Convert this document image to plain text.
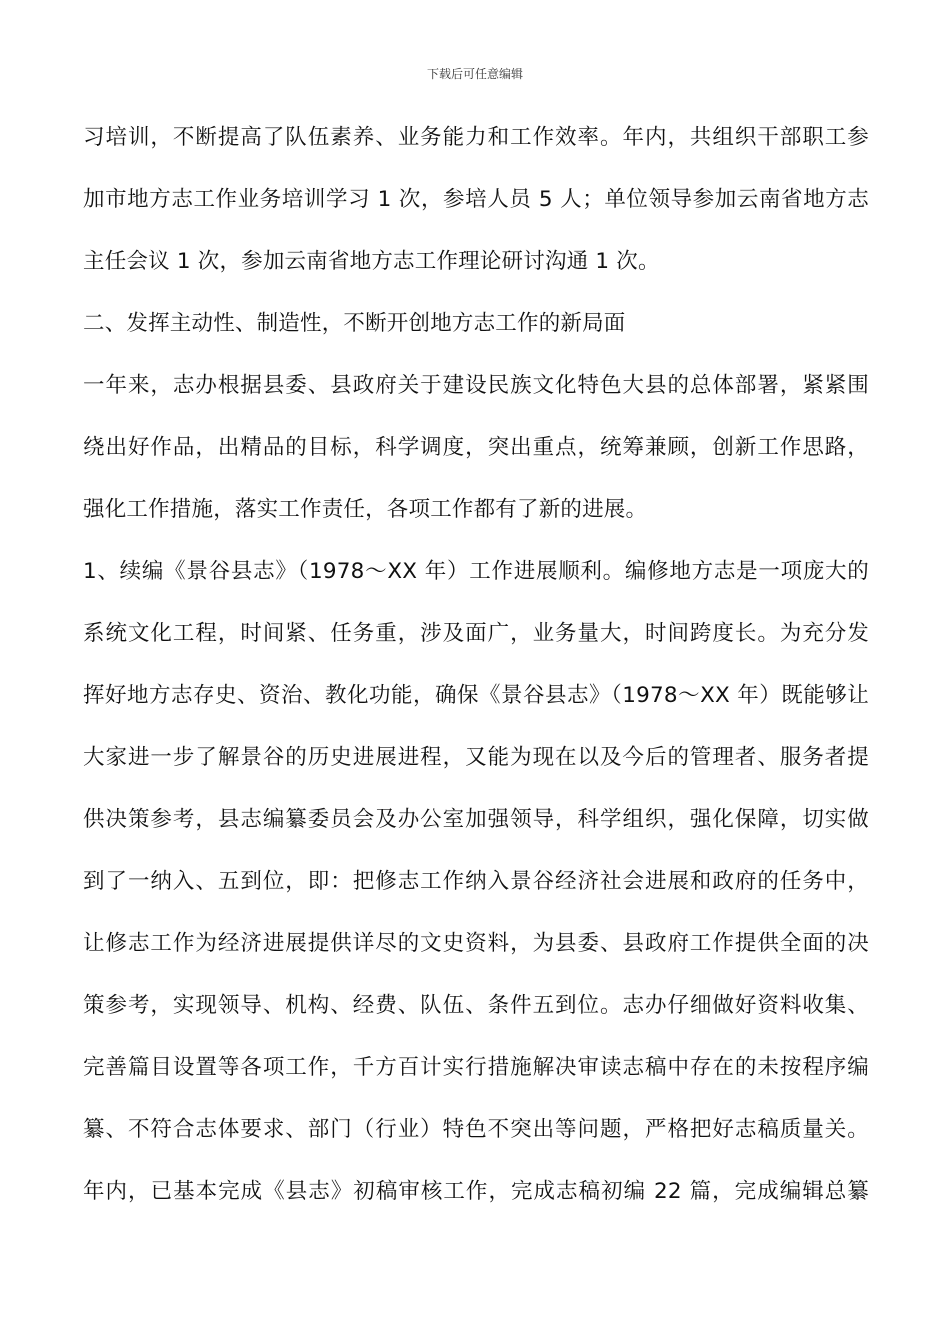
下载后可任意编辑
习培训，不断提高了队伍素养、业务能力和工作效率。年内，共组织干部职工参
加市地方志工作业务培训学习 1 次，参培人员 5 人；单位领导参加云南省地方志
主任会议 1 次，参加云南省地方志工作理论研讨沟通 1 次。
二、发挥主动性、制造性，不断开创地方志工作的新局面
一年来，志办根据县委、县政府关于建设民族文化特色大县的总体部署，紧紧围
绕出好作品，出精品的目标，科学调度，突出重点，统筹兼顾，创新工作思路，
强化工作措施，落实工作责任，各项工作都有了新的进展。
1、续编《景谷县志》（1978～XX 年）工作进展顺利。编修地方志是一项庞大的
系统文化工程，时间紧、任务重，涉及面广，业务量大，时间跨度长。为充分发
挥好地方志存史、资治、教化功能，确保《景谷县志》（1978～XX 年）既能够让
大家进一步了解景谷的历史进展进程，又能为现在以及今后的管理者、服务者提
供决策参考，县志编纂委员会及办公室加强领导，科学组织，强化保障，切实做
到了一纳入、五到位，即：把修志工作纳入景谷经济社会进展和政府的任务中，
让修志工作为经济进展提供详尽的文史资料，为县委、县政府工作提供全面的决
策参考，实现领导、机构、经费、队伍、条件五到位。志办仔细做好资料收集、
完善篇目设置等各项工作，千方百计实行措施解决审读志稿中存在的未按程序编
纂、不符合志体要求、部门（行业）特色不突出等问题，严格把好志稿质量关。
年内，已基本完成《县志》初稿审核工作，完成志稿初编 22 篇，完成编辑总纂
